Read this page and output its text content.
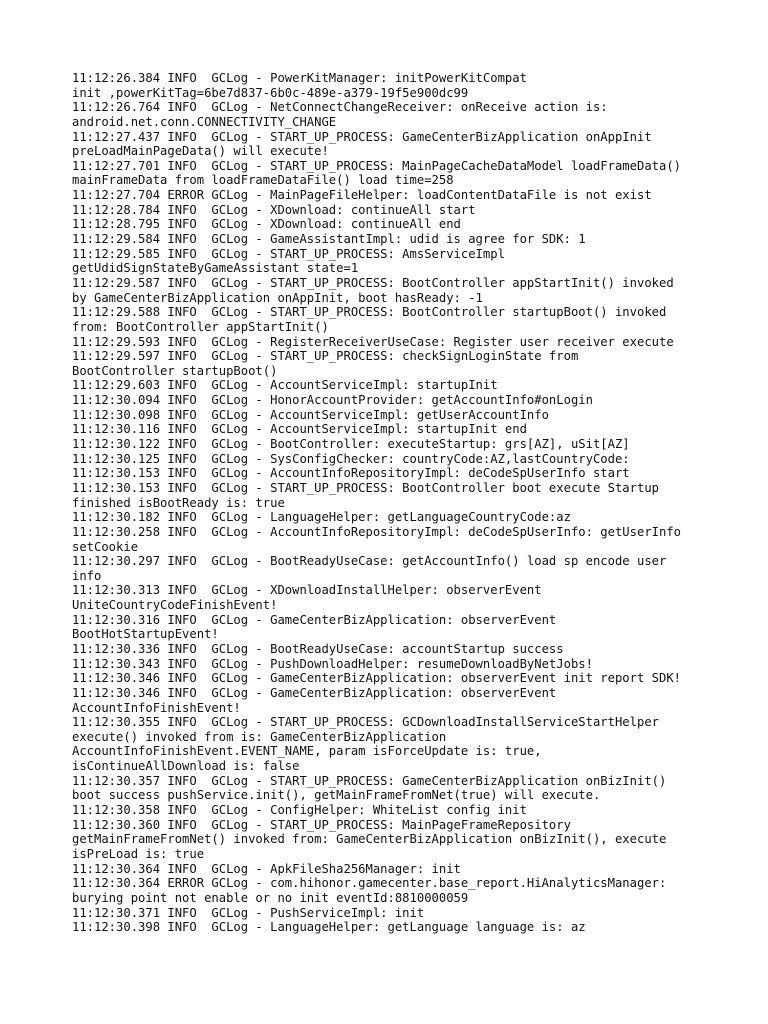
11:12:26.384 INFO  GCLog - PowerKitManager: initPowerKitCompat
init ,powerKitTag=6be7d837-6b0c-489e-a379-19f5e900dc99
11:12:26.764 INFO  GCLog - NetConnectChangeReceiver: onReceive action is:
android.net.conn.CONNECTIVITY_CHANGE
11:12:27.437 INFO  GCLog - START_UP_PROCESS: GameCenterBizApplication onAppInit
preLoadMainPageData() will execute!
11:12:27.701 INFO  GCLog - START_UP_PROCESS: MainPageCacheDataModel loadFrameData()
mainFrameData from loadFrameDataFile() load time=258
11:12:27.704 ERROR GCLog - MainPageFileHelper: loadContentDataFile is not exist
11:12:28.784 INFO  GCLog - XDownload: continueAll start
11:12:28.795 INFO  GCLog - XDownload: continueAll end
11:12:29.584 INFO  GCLog - GameAssistantImpl: udid is agree for SDK: 1
11:12:29.585 INFO  GCLog - START_UP_PROCESS: AmsServiceImpl
getUdidSignStateByGameAssistant state=1
11:12:29.587 INFO  GCLog - START_UP_PROCESS: BootController appStartInit() invoked
by GameCenterBizApplication onAppInit, boot hasReady: -1
11:12:29.588 INFO  GCLog - START_UP_PROCESS: BootController startupBoot() invoked
from: BootController appStartInit()
11:12:29.593 INFO  GCLog - RegisterReceiverUseCase: Register user receiver execute
11:12:29.597 INFO  GCLog - START_UP_PROCESS: checkSignLoginState from
BootController startupBoot()
11:12:29.603 INFO  GCLog - AccountServiceImpl: startupInit
11:12:30.094 INFO  GCLog - HonorAccountProvider: getAccountInfo#onLogin
11:12:30.098 INFO  GCLog - AccountServiceImpl: getUserAccountInfo
11:12:30.116 INFO  GCLog - AccountServiceImpl: startupInit end
11:12:30.122 INFO  GCLog - BootController: executeStartup: grs[AZ], uSit[AZ]
11:12:30.125 INFO  GCLog - SysConfigChecker: countryCode:AZ,lastCountryCode:
11:12:30.153 INFO  GCLog - AccountInfoRepositoryImpl: deCodeSpUserInfo start
11:12:30.153 INFO  GCLog - START_UP_PROCESS: BootController boot execute Startup
finished isBootReady is: true
11:12:30.182 INFO  GCLog - LanguageHelper: getLanguageCountryCode:az
11:12:30.258 INFO  GCLog - AccountInfoRepositoryImpl: deCodeSpUserInfo: getUserInfo
setCookie
11:12:30.297 INFO  GCLog - BootReadyUseCase: getAccountInfo() load sp encode user
info
11:12:30.313 INFO  GCLog - XDownloadInstallHelper: observerEvent
UniteCountryCodeFinishEvent!
11:12:30.316 INFO  GCLog - GameCenterBizApplication: observerEvent
BootHotStartupEvent!
11:12:30.336 INFO  GCLog - BootReadyUseCase: accountStartup success
11:12:30.343 INFO  GCLog - PushDownloadHelper: resumeDownloadByNetJobs!
11:12:30.346 INFO  GCLog - GameCenterBizApplication: observerEvent init report SDK!
11:12:30.346 INFO  GCLog - GameCenterBizApplication: observerEvent
AccountInfoFinishEvent!
11:12:30.355 INFO  GCLog - START_UP_PROCESS: GCDownloadInstallServiceStartHelper
execute() invoked from is: GameCenterBizApplication
AccountInfoFinishEvent.EVENT_NAME, param isForceUpdate is: true,
isContinueAllDownload is: false
11:12:30.357 INFO  GCLog - START_UP_PROCESS: GameCenterBizApplication onBizInit()
boot success pushService.init(), getMainFrameFromNet(true) will execute.
11:12:30.358 INFO  GCLog - ConfigHelper: WhiteList config init
11:12:30.360 INFO  GCLog - START_UP_PROCESS: MainPageFrameRepository
getMainFrameFromNet() invoked from: GameCenterBizApplication onBizInit(), execute
isPreLoad is: true
11:12:30.364 INFO  GCLog - ApkFileSha256Manager: init
11:12:30.364 ERROR GCLog - com.hihonor.gamecenter.base_report.HiAnalyticsManager:
burying point not enable or no init eventId:8810000059
11:12:30.371 INFO  GCLog - PushServiceImpl: init
11:12:30.398 INFO  GCLog - LanguageHelper: getLanguage language is: az
